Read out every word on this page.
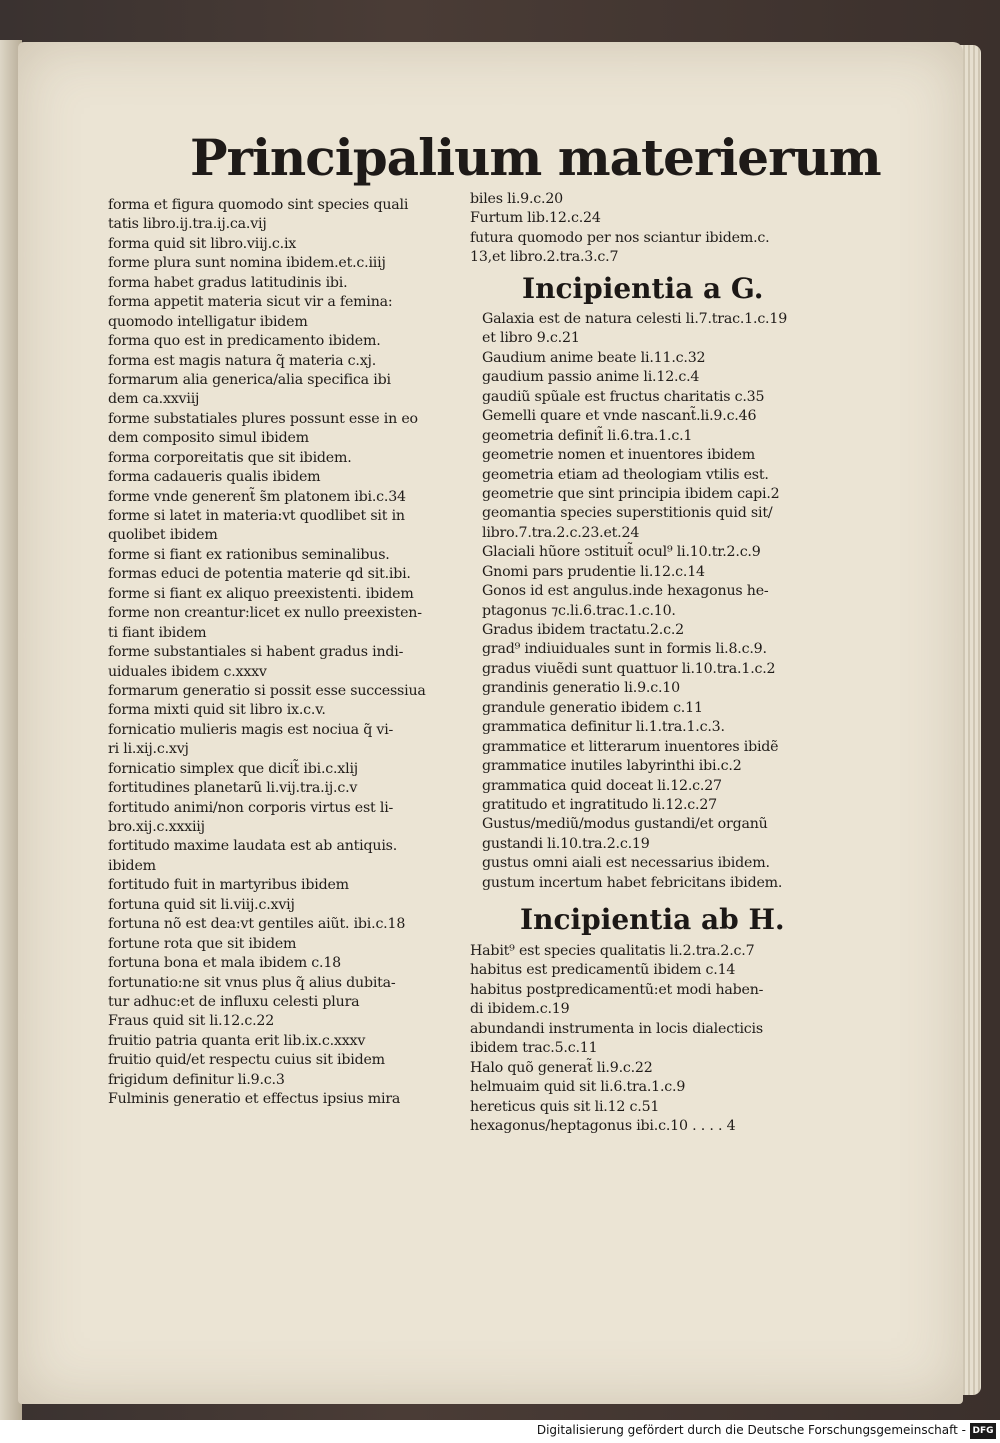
Principalium materierum
forma et figura quomodo sint species quali
tatis libro.ij.tra.ij.ca.vij
forma quid sit libro.viij.c.ix
forme plura sunt nomina ibidem.et.c.iiij
forma habet gradus latitudinis ibi.
forma appetit materia sicut vir a femina:
quomodo intelligatur ibidem
forma quo est in predicamento ibidem.
forma est magis natura q̃ materia c.xj.
formarum alia generica/alia specifica ibi
dem ca.xxviij
forme substatiales plures possunt esse in eo
dem composito simul ibidem
forma corporeitatis que sit ibidem.
forma cadaueris qualis ibidem
forme vnde generent̃ s̃m platonem ibi.c.34
forme si latet in materia:vt quodlibet sit in
quolibet ibidem
forme si fiant ex rationibus seminalibus.
formas educi de potentia materie qd sit.ibi.
forme si fiant ex aliquo preexistenti. ibidem
forme non creantur:licet ex nullo preexisten-
ti fiant ibidem
forme substantiales si habent gradus indi-
uiduales ibidem c.xxxv
formarum generatio si possit esse successiua
forma mixti quid sit libro ix.c.v.
fornicatio mulieris magis est nociua q̃ vi-
ri li.xij.c.xvj
fornicatio simplex que dicit̃ ibi.c.xlij
fortitudines planetarũ li.vij.tra.ij.c.v
fortitudo animi/non corporis virtus est li-
bro.xij.c.xxxiij
fortitudo maxime laudata est ab antiquis.
ibidem
fortitudo fuit in martyribus ibidem
fortuna quid sit li.viij.c.xvij
fortuna nõ est dea:vt gentiles aiũt. ibi.c.18
fortune rota que sit ibidem
fortuna bona et mala ibidem c.18
fortunatio:ne sit vnus plus q̃ alius dubita-
tur adhuc:et de influxu celesti plura
Fraus quid sit li.12.c.22
fruitio patria quanta erit lib.ix.c.xxxv
fruitio quid/et respectu cuius sit ibidem
frigidum definitur li.9.c.3
Fulminis generatio et effectus ipsius mira
biles li.9.c.20
Furtum lib.12.c.24
futura quomodo per nos sciantur ibidem.c.
13,et libro.2.tra.3.c.7
Incipientia a G.
Galaxia est de natura celesti li.7.trac.1.c.19
et libro 9.c.21
Gaudium anime beate li.11.c.32
gaudium passio anime li.12.c.4
gaudiũ spũale est fructus charitatis c.35
Gemelli quare et vnde nascant̃.li.9.c.46
geometria definit̃ li.6.tra.1.c.1
geometrie nomen et inuentores ibidem
geometria etiam ad theologiam vtilis est.
geometrie que sint principia ibidem capi.2
geomantia species superstitionis quid sit/
libro.7.tra.2.c.23.et.24
Glaciali hũore ↄstituit̃ ocul⁹ li.10.tr.2.c.9
Gnomi pars prudentie li.12.c.14
Gonos id est angulus.inde hexagonus he-
ptagonus ⁊c.li.6.trac.1.c.10.
Gradus ibidem tractatu.2.c.2
grad⁹ indiuiduales sunt in formis li.8.c.9.
gradus viuẽdi sunt quattuor li.10.tra.1.c.2
grandinis generatio li.9.c.10
grandule generatio ibidem c.11
grammatica definitur li.1.tra.1.c.3.
grammatice et litterarum inuentores ibidẽ
grammatice inutiles labyrinthi ibi.c.2
grammatica quid doceat li.12.c.27
gratitudo et ingratitudo li.12.c.27
Gustus/mediũ/modus gustandi/et organũ
gustandi li.10.tra.2.c.19
gustus omni aiali est necessarius ibidem.
gustum incertum habet febricitans ibidem.
Incipientia ab H.
Habit⁹ est species qualitatis li.2.tra.2.c.7
habitus est predicamentũ ibidem c.14
habitus postpredicamentũ:et modi haben-
di ibidem.c.19
abundandi instrumenta in locis dialecticis
ibidem trac.5.c.11
Halo quõ generat̃ li.9.c.22
helmuaim quid sit li.6.tra.1.c.9
hereticus quis sit li.12 c.51
hexagonus/heptagonus ibi.c.10 . . . . 4
Digitalisierung gefördert durch die Deutsche Forschungsgemeinschaft - DFG
